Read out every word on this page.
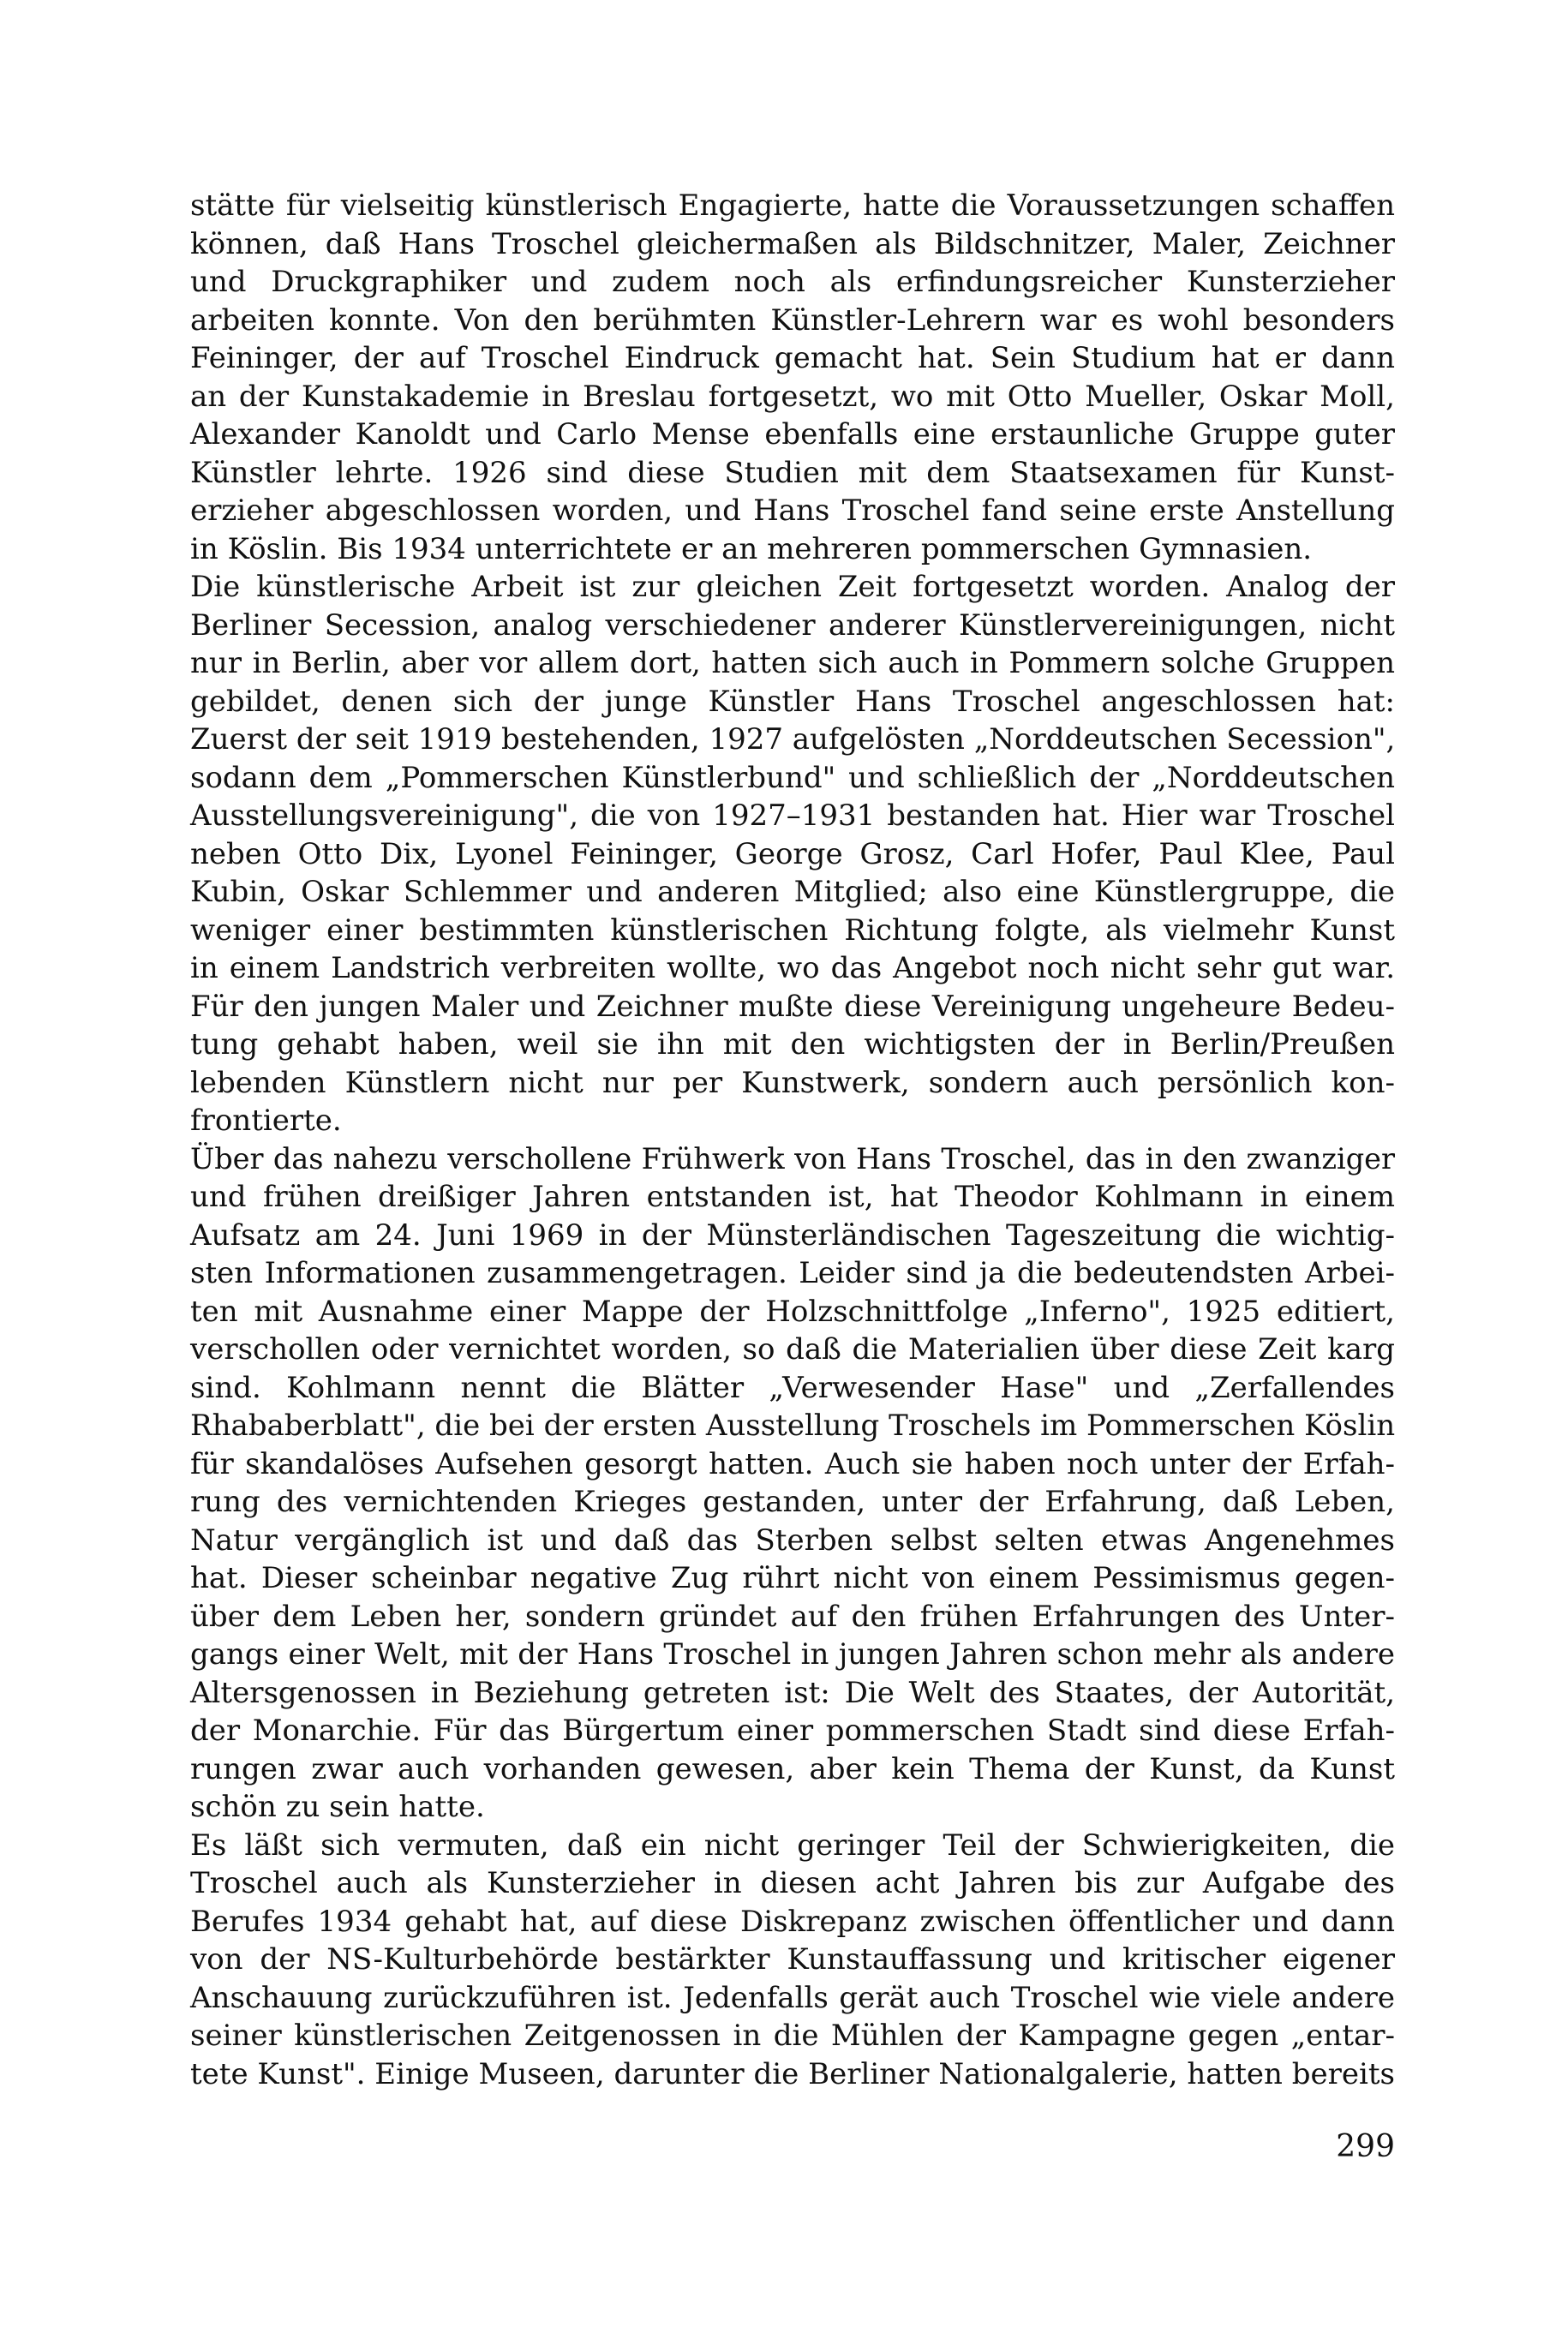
stätte für vielseitig künstlerisch Engagierte, hatte die Voraussetzungen schaffen
können, daß Hans Troschel gleichermaßen als Bildschnitzer, Maler, Zeichner
und Druckgraphiker und zudem noch als erfindungsreicher Kunsterzieher
arbeiten konnte. Von den berühmten Künstler-Lehrern war es wohl besonders
Feininger, der auf Troschel Eindruck gemacht hat. Sein Studium hat er dann
an der Kunstakademie in Breslau fortgesetzt, wo mit Otto Mueller, Oskar Moll,
Alexander Kanoldt und Carlo Mense ebenfalls eine erstaunliche Gruppe guter
Künstler lehrte. 1926 sind diese Studien mit dem Staatsexamen für Kunst-
erzieher abgeschlossen worden, und Hans Troschel fand seine erste Anstellung
in Köslin. Bis 1934 unterrichtete er an mehreren pommerschen Gymnasien.
Die künstlerische Arbeit ist zur gleichen Zeit fortgesetzt worden. Analog der
Berliner Secession, analog verschiedener anderer Künstlervereinigungen, nicht
nur in Berlin, aber vor allem dort, hatten sich auch in Pommern solche Gruppen
gebildet, denen sich der junge Künstler Hans Troschel angeschlossen hat:
Zuerst der seit 1919 bestehenden, 1927 aufgelösten „Norddeutschen Secession",
sodann dem „Pommerschen Künstlerbund" und schließlich der „Norddeutschen
Ausstellungsvereinigung", die von 1927–1931 bestanden hat. Hier war Troschel
neben Otto Dix, Lyonel Feininger, George Grosz, Carl Hofer, Paul Klee, Paul
Kubin, Oskar Schlemmer und anderen Mitglied; also eine Künstlergruppe, die
weniger einer bestimmten künstlerischen Richtung folgte, als vielmehr Kunst
in einem Landstrich verbreiten wollte, wo das Angebot noch nicht sehr gut war.
Für den jungen Maler und Zeichner mußte diese Vereinigung ungeheure Bedeu-
tung gehabt haben, weil sie ihn mit den wichtigsten der in Berlin/Preußen
lebenden Künstlern nicht nur per Kunstwerk, sondern auch persönlich kon-
frontierte.
Über das nahezu verschollene Frühwerk von Hans Troschel, das in den zwanziger
und frühen dreißiger Jahren entstanden ist, hat Theodor Kohlmann in einem
Aufsatz am 24. Juni 1969 in der Münsterländischen Tageszeitung die wichtig-
sten Informationen zusammengetragen. Leider sind ja die bedeutendsten Arbei-
ten mit Ausnahme einer Mappe der Holzschnittfolge „Inferno", 1925 editiert,
verschollen oder vernichtet worden, so daß die Materialien über diese Zeit karg
sind. Kohlmann nennt die Blätter „Verwesender Hase" und „Zerfallendes
Rhababerblatt", die bei der ersten Ausstellung Troschels im Pommerschen Köslin
für skandalöses Aufsehen gesorgt hatten. Auch sie haben noch unter der Erfah-
rung des vernichtenden Krieges gestanden, unter der Erfahrung, daß Leben,
Natur vergänglich ist und daß das Sterben selbst selten etwas Angenehmes
hat. Dieser scheinbar negative Zug rührt nicht von einem Pessimismus gegen-
über dem Leben her, sondern gründet auf den frühen Erfahrungen des Unter-
gangs einer Welt, mit der Hans Troschel in jungen Jahren schon mehr als andere
Altersgenossen in Beziehung getreten ist: Die Welt des Staates, der Autorität,
der Monarchie. Für das Bürgertum einer pommerschen Stadt sind diese Erfah-
rungen zwar auch vorhanden gewesen, aber kein Thema der Kunst, da Kunst
schön zu sein hatte.
Es läßt sich vermuten, daß ein nicht geringer Teil der Schwierigkeiten, die
Troschel auch als Kunsterzieher in diesen acht Jahren bis zur Aufgabe des
Berufes 1934 gehabt hat, auf diese Diskrepanz zwischen öffentlicher und dann
von der NS-Kulturbehörde bestärkter Kunstauffassung und kritischer eigener
Anschauung zurückzuführen ist. Jedenfalls gerät auch Troschel wie viele andere
seiner künstlerischen Zeitgenossen in die Mühlen der Kampagne gegen „entar-
tete Kunst". Einige Museen, darunter die Berliner Nationalgalerie, hatten bereits
299
